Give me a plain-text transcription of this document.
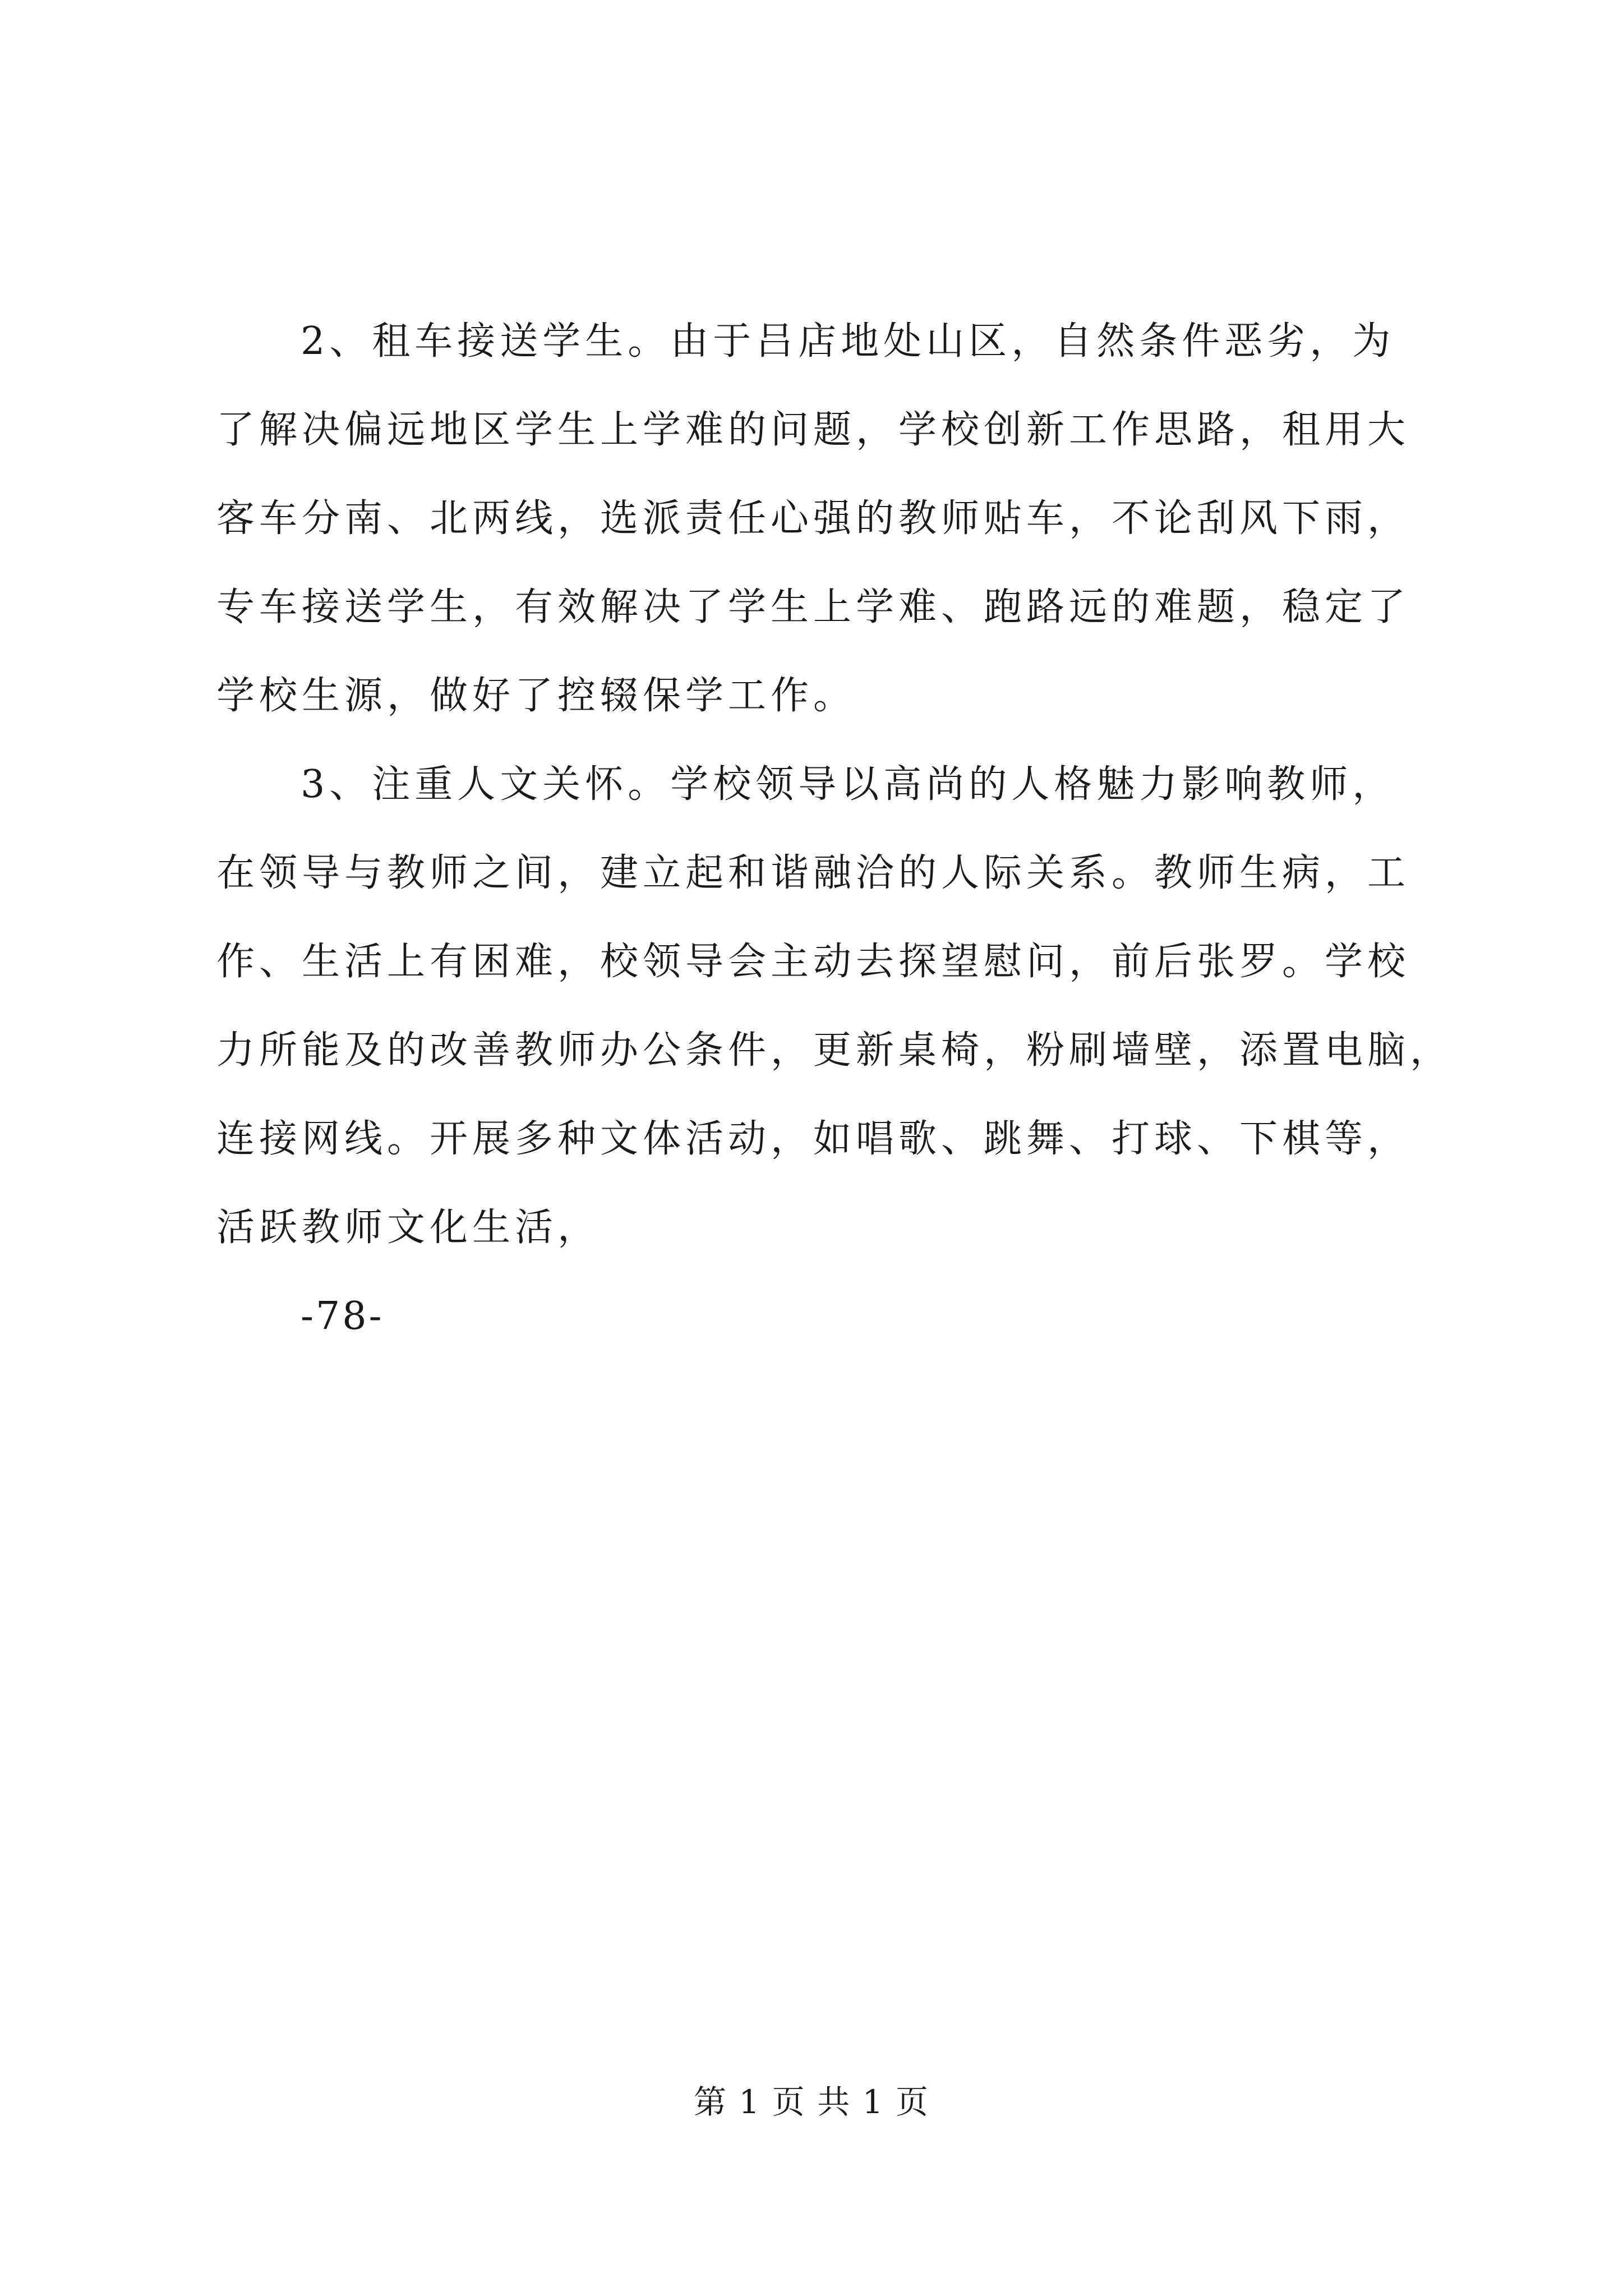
2、租车接送学生。由于吕店地处山区，自然条件恶劣，为
了解决偏远地区学生上学难的问题，学校创新工作思路，租用大
客车分南、北两线，选派责任心强的教师贴车，不论刮风下雨，
专车接送学生，有效解决了学生上学难、跑路远的难题，稳定了
学校生源，做好了控辍保学工作。
3、注重人文关怀。学校领导以高尚的人格魅力影响教师，
在领导与教师之间，建立起和谐融洽的人际关系。教师生病，工
作、生活上有困难，校领导会主动去探望慰问，前后张罗。学校
力所能及的改善教师办公条件，更新桌椅，粉刷墙壁，添置电脑，
连接网线。开展多种文体活动，如唱歌、跳舞、打球、下棋等，
活跃教师文化生活，
-78-
第 1 页 共 1 页
